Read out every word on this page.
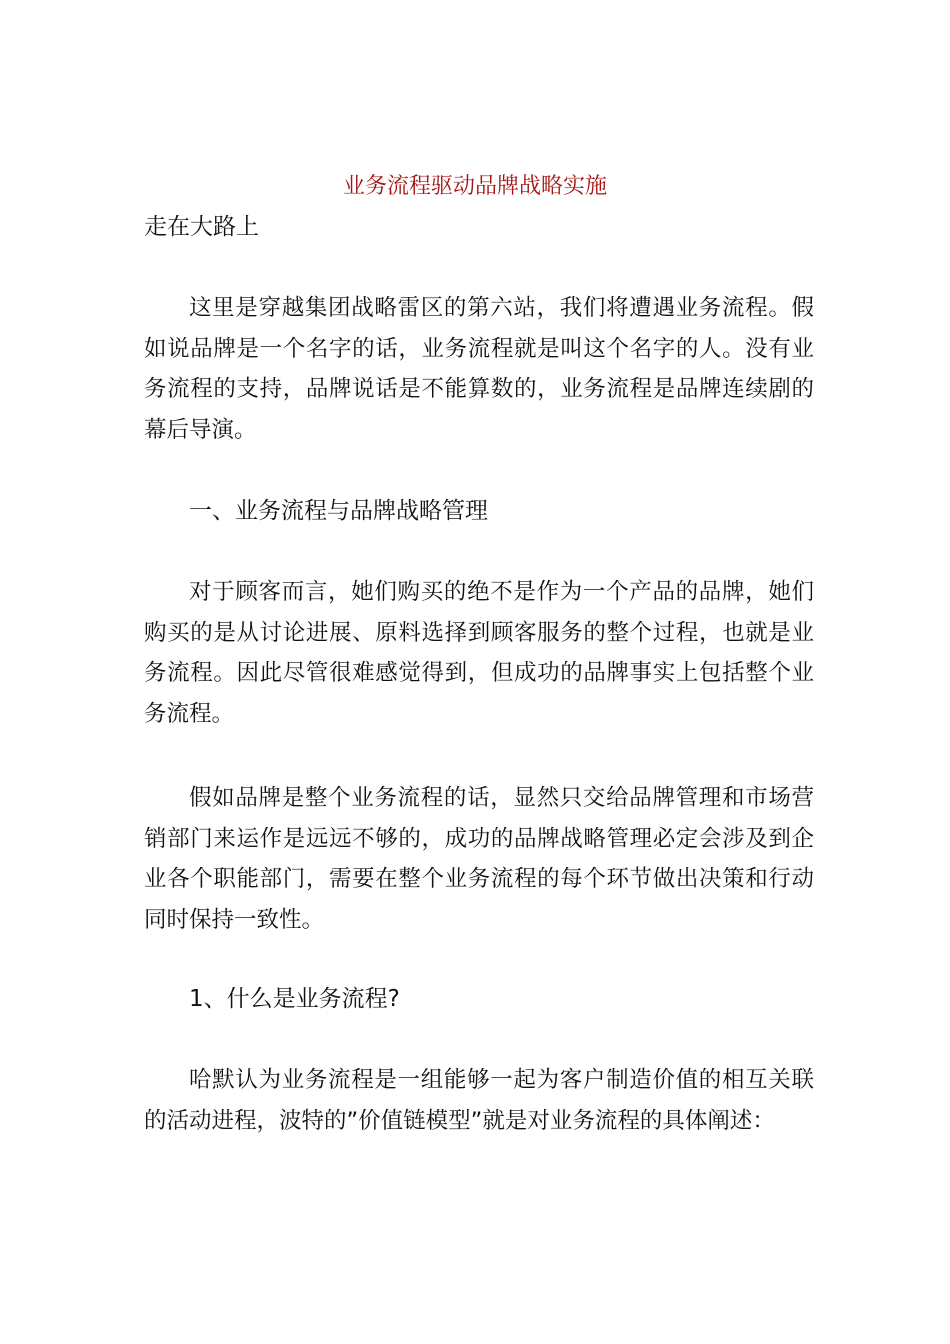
业务流程驱动品牌战略实施

走在大路上

这里是穿越集团战略雷区的第六站，我们将遭遇业务流程。假如说品牌是一个名字的话，业务流程就是叫这个名字的人。没有业务流程的支持，品牌说话是不能算数的，业务流程是品牌连续剧的幕后导演。

一、业务流程与品牌战略管理

对于顾客而言，她们购买的绝不是作为一个产品的品牌，她们购买的是从讨论进展、原料选择到顾客服务的整个过程，也就是业务流程。因此尽管很难感觉得到，但成功的品牌事实上包括整个业务流程。

假如品牌是整个业务流程的话，显然只交给品牌管理和市场营销部门来运作是远远不够的，成功的品牌战略管理必定会涉及到企业各个职能部门，需要在整个业务流程的每个环节做出决策和行动同时保持一致性。

1、什么是业务流程?

哈默认为业务流程是一组能够一起为客户制造价值的相互关联的活动进程，波特的”价值链模型”就是对业务流程的具体阐述：
